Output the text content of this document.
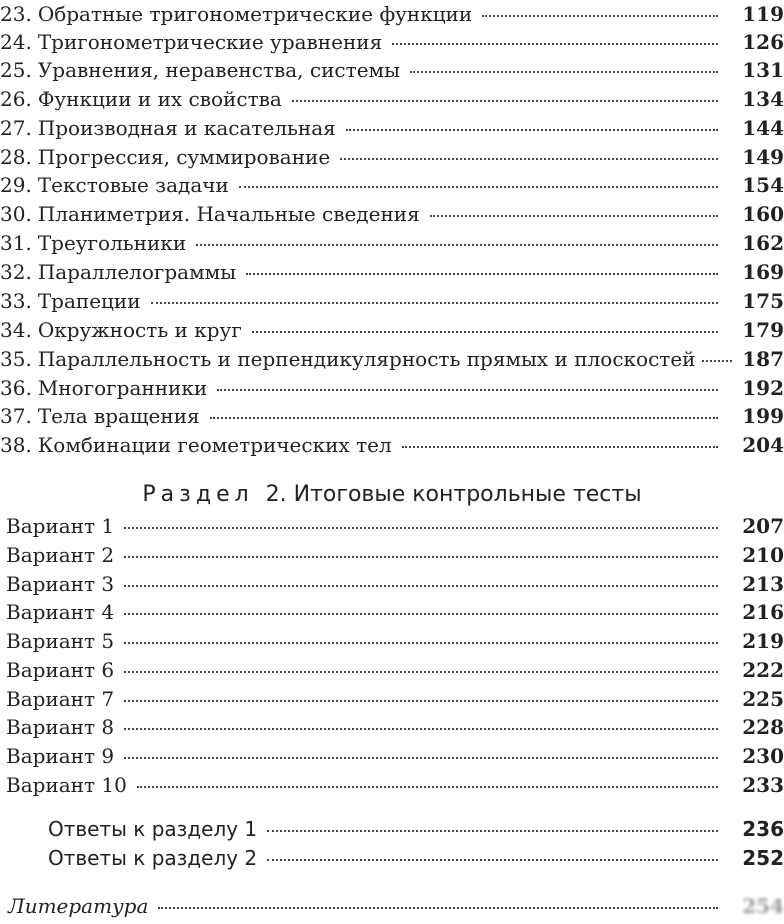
23. Обратные тригонометрические функции	119
24. Тригонометрические уравнения	126
25. Уравнения, неравенства, системы	131
26. Функции и их свойства	134
27. Производная и касательная	144
28. Прогрессия, суммирование	149
29. Текстовые задачи	154
30. Планиметрия. Начальные сведения	160
31. Треугольники	162
32. Параллелограммы	169
33. Трапеции	175
34. Окружность и круг	179
35. Параллельность и перпендикулярность прямых и плоскостей 187
36. Многогранники	192
37. Тела вращения	199
38. Комбинации геометрических тел	204
Раздел 2. Итоговые контрольные тесты
Вариант 1	207
Вариант 2	210
Вариант 3	213
Вариант 4	216
Вариант 5	219
Вариант 6	222
Вариант 7	225
Вариант 8	228
Вариант 9	230
Вариант 10	233
Ответы к разделу 1	236
Ответы к разделу 2	252
Литература	254
